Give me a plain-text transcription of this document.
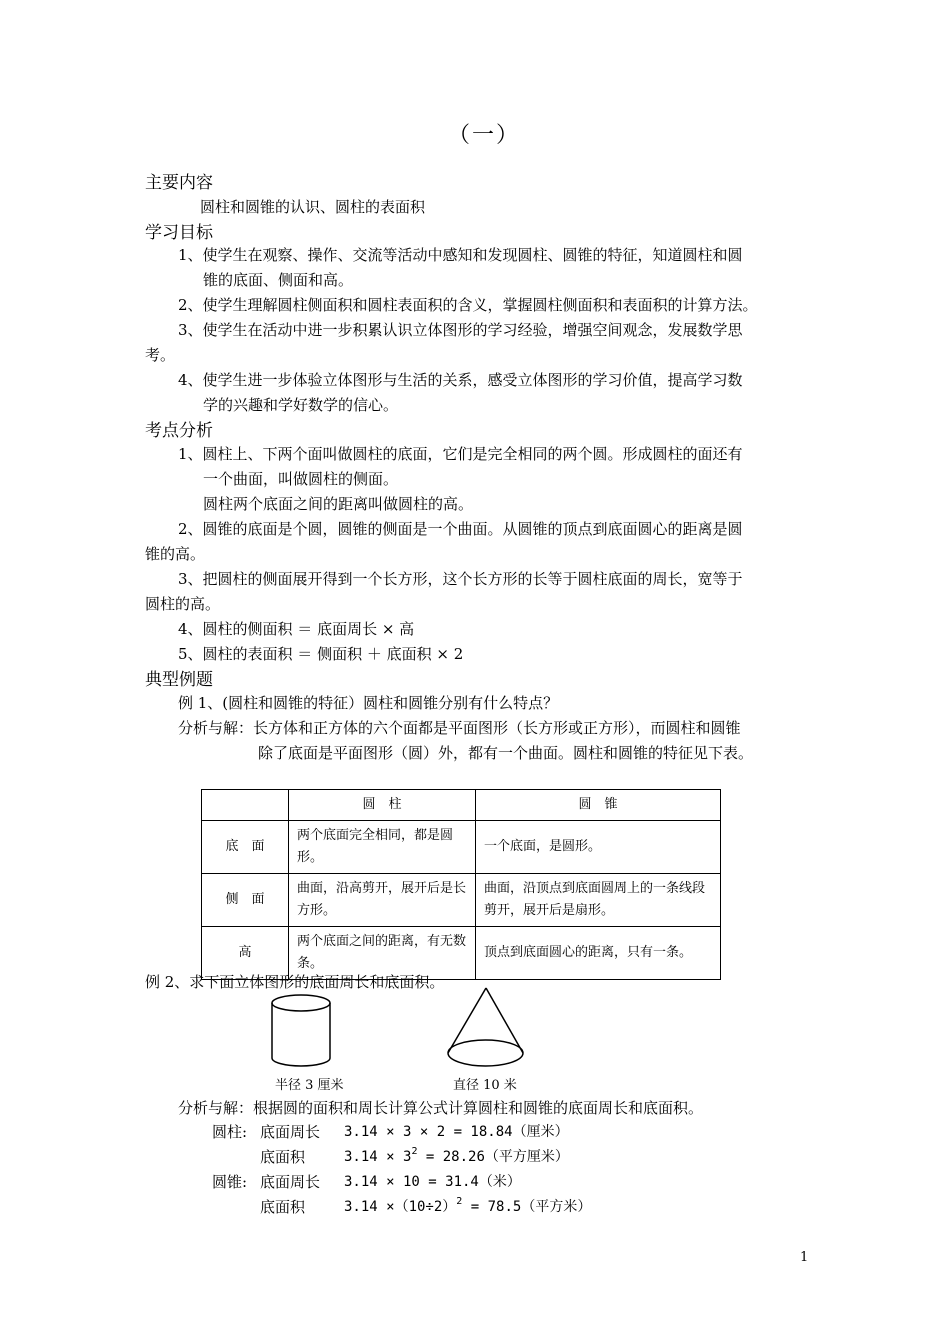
（一）
主要内容
圆柱和圆锥的认识、圆柱的表面积
学习目标
1、使学生在观察、操作、交流等活动中感知和发现圆柱、圆锥的特征，知道圆柱和圆
锥的底面、侧面和高。
2、使学生理解圆柱侧面积和圆柱表面积的含义，掌握圆柱侧面积和表面积的计算方法。
3、使学生在活动中进一步积累认识立体图形的学习经验，增强空间观念，发展数学思
考。
4、使学生进一步体验立体图形与生活的关系，感受立体图形的学习价值，提高学习数
学的兴趣和学好数学的信心。
考点分析
1、圆柱上、下两个面叫做圆柱的底面，它们是完全相同的两个圆。形成圆柱的面还有
一个曲面，叫做圆柱的侧面。
圆柱两个底面之间的距离叫做圆柱的高。
2、圆锥的底面是个圆，圆锥的侧面是一个曲面。从圆锥的顶点到底面圆心的距离是圆
锥的高。
3、把圆柱的侧面展开得到一个长方形，这个长方形的长等于圆柱底面的周长，宽等于
圆柱的高。
4、圆柱的侧面积 ＝ 底面周长 × 高
5、圆柱的表面积 ＝ 侧面积 ＋ 底面积 × 2
典型例题
例 1、(圆柱和圆锥的特征）圆柱和圆锥分别有什么特点？
分析与解：长方体和正方体的六个面都是平面图形（长方形或正方形），而圆柱和圆锥
除了底面是平面图形（圆）外，都有一个曲面。圆柱和圆锥的特征见下表。
	圆　柱	圆　锥
底　面	两个底面完全相同，都是圆形。	一个底面，是圆形。
侧　面	曲面，沿高剪开，展开后是长方形。	曲面，沿顶点到底面圆周上的一条线段剪开，展开后是扇形。
高	两个底面之间的距离，有无数条。	顶点到底面圆心的距离，只有一条。
例 2、求下面立体图形的底面周长和底面积。
半径 3 厘米	直径 10 米
分析与解：根据圆的面积和周长计算公式计算圆柱和圆锥的底面周长和底面积。
圆柱: 底面周长 3.14 × 3 × 2 = 18.84（厘米）
底面积	$3.14 \times 3^2 = 28.26$（平方厘米）
圆锥: 底面周长 3.14 × 10 = 31.4（米）
底面积	$3.14 \times(10\div 2)^2 = 78.5$（平方米）
1
